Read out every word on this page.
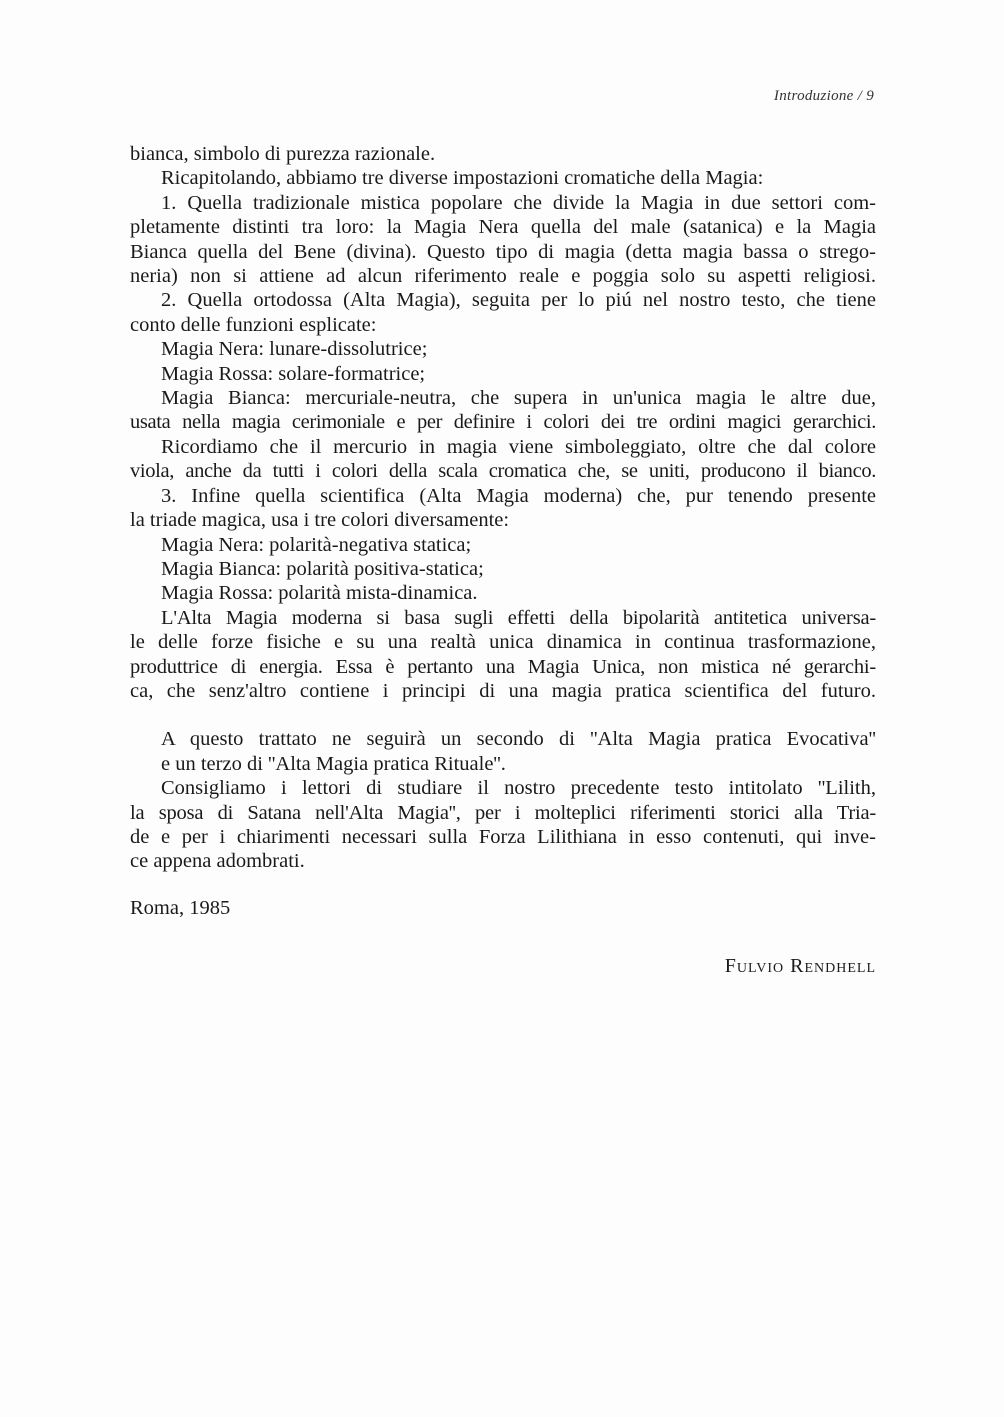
Introduzione / 9
bianca, simbolo di purezza razionale.
Ricapitolando, abbiamo tre diverse impostazioni cromatiche della Magia:
1. Quella tradizionale mistica popolare che divide la Magia in due settori com-
pletamente distinti tra loro: la Magia Nera quella del male (satanica) e la Magia
Bianca quella del Bene (divina). Questo tipo di magia (detta magia bassa o strego-
neria) non si attiene ad alcun riferimento reale e poggia solo su aspetti religiosi.
2. Quella ortodossa (Alta Magia), seguita per lo piú nel nostro testo, che tiene
conto delle funzioni esplicate:
Magia Nera: lunare-dissolutrice;
Magia Rossa: solare-formatrice;
Magia Bianca: mercuriale-neutra, che supera in un'unica magia le altre due,
usata nella magia cerimoniale e per definire i colori dei tre ordini magici gerarchici.
Ricordiamo che il mercurio in magia viene simboleggiato, oltre che dal colore
viola, anche da tutti i colori della scala cromatica che, se uniti, producono il bianco.
3. Infine quella scientifica (Alta Magia moderna) che, pur tenendo presente
la triade magica, usa i tre colori diversamente:
Magia Nera: polarità-negativa statica;
Magia Bianca: polarità positiva-statica;
Magia Rossa: polarità mista-dinamica.
L'Alta Magia moderna si basa sugli effetti della bipolarità antitetica universa-
le delle forze fisiche e su una realtà unica dinamica in continua trasformazione,
produttrice di energia. Essa è pertanto una Magia Unica, non mistica né gerarchi-
ca, che senz'altro contiene i principi di una magia pratica scientifica del futuro.
A questo trattato ne seguirà un secondo di ''Alta Magia pratica Evocativa''
e un terzo di ''Alta Magia pratica Rituale''.
Consigliamo i lettori di studiare il nostro precedente testo intitolato ''Lilith,
la sposa di Satana nell'Alta Magia'', per i molteplici riferimenti storici alla Tria-
de e per i chiarimenti necessari sulla Forza Lilithiana in esso contenuti, qui inve-
ce appena adombrati.
Roma, 1985
Fulvio Rendhell
